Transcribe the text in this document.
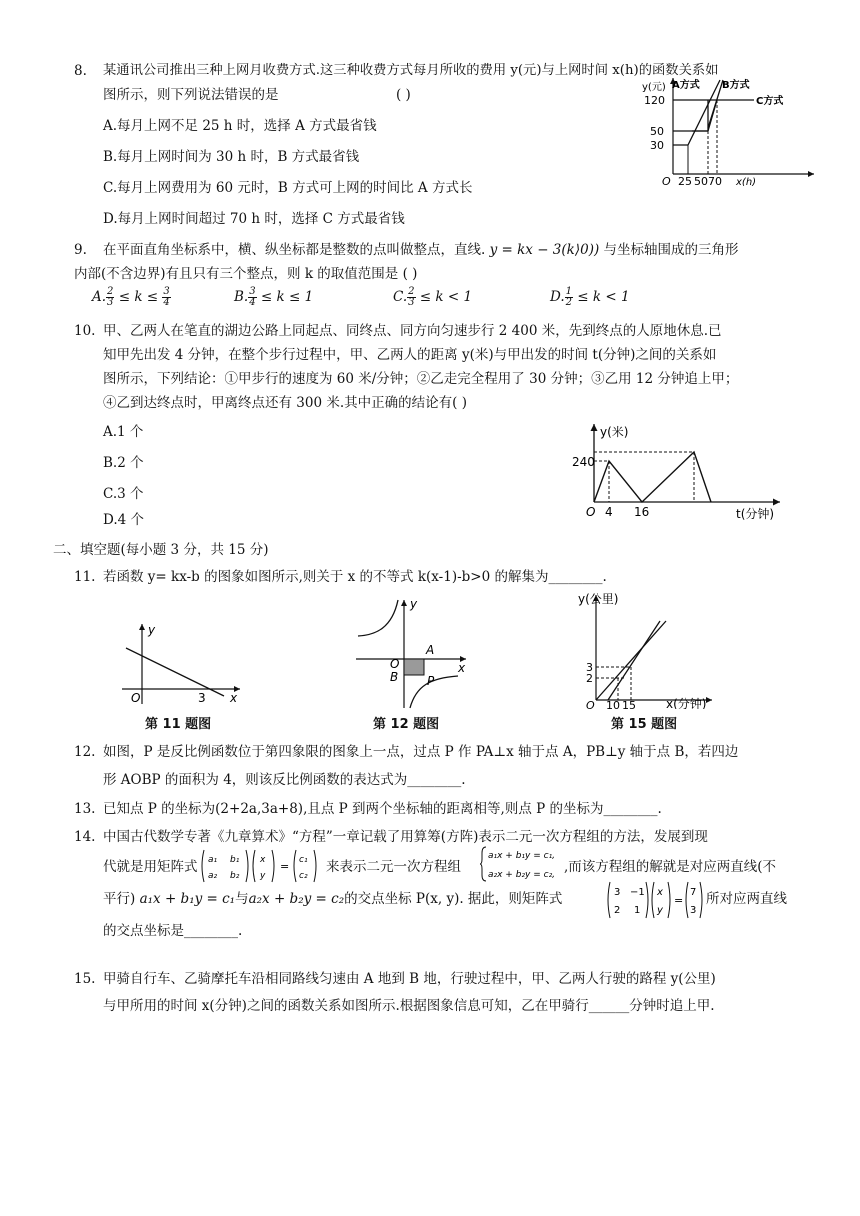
8. 某通讯公司推出三种上网月收费方式.这三种收费方式每月所收的费用 y(元)与上网时间 x(h)的函数关系如
图所示，则下列说法错误的是	( )
A.每月上网不足 25 h 时，选择 A 方式最省钱
B.每月上网时间为 30 h 时，B 方式最省钱
C.每月上网费用为 60 元时，B 方式可上网的时间比 A 方式长
D.每月上网时间超过 70 h 时，选择 C 方式最省钱
y(元)
120
50
30
O 25 50 70 x(h)
A方式 B方式
C方式
9. 在平面直角坐标系中，横、纵坐标都是整数的点叫做整点，直线. y = kx − 3(k⟩0)) 与坐标轴围成的三角形
内部(不含边界)有且只有三个整点，则 k 的取值范围是 ( )
A. $\frac{2}{3} \le k \le \frac{3}{4}$	B. $\frac{3}{4} \le k \le 1$	C. $\frac{2}{3} \le k < 1$	D. $\frac{1}{2} \le k < 1$
10. 甲、乙两人在笔直的湖边公路上同起点、同终点、同方向匀速步行 2 400 米，先到终点的人原地休息.已
知甲先出发 4 分钟，在整个步行过程中，甲、乙两人的距离 y(米)与甲出发的时间 t(分钟)之间的关系如
图所示，下列结论：①甲步行的速度为 60 米/分钟；②乙走完全程用了 30 分钟；③乙用 12 分钟追上甲；
④乙到达终点时，甲离终点还有 300 米.其中正确的结论有( )
A.1 个
B.2 个
C.3 个
D.4 个
y(米)
240
O 4 16	t(分钟)
二、填空题(每小题 3 分，共 15 分)
11. 若函数 y= kx-b 的图象如图所示,则关于 x 的不等式 k(x-1)-b>0 的解集为________.
y
x
O	3
第 11 题图
y
x
O
A
B P
第 12 题图
y(公里)
3
2
O 10 15	x(分钟)
第 15 题图
12. 如图，P 是反比例函数位于第四象限的图象上一点，过点 P 作 PA⊥x 轴于点 A，PB⊥y 轴于点 B，若四边
形 AOBP 的面积为 4，则该反比例函数的表达式为________.
13. 已知点 P 的坐标为(2+2a,3a+8),且点 P 到两个坐标轴的距离相等,则点 P 的坐标为________.
14. 中国古代数学专著《九章算术》“方程”一章记载了用算筹(方阵)表示二元一次方程组的方法，发展到现
代就是用矩阵式 a₁ b₁
a₂ b₂
x
y
= c₁
c₂
来表示二元一次方程组
a₁x + b₁y = c₁,
a₂x + b₂y = c₂, ,而该方程组的解就是对应两直线(不
平行) a₁x + b₁y = c₁与a₂x + b₂y = c₂的交点坐标 P(x, y). 据此，则矩阵式	3 −1
2 1
x
y
=
7
3
所对应两直线
的交点坐标是________.
15. 甲骑自行车、乙骑摩托车沿相同路线匀速由 A 地到 B 地，行驶过程中，甲、乙两人行驶的路程 y(公里)
与甲所用的时间 x(分钟)之间的函数关系如图所示.根据图象信息可知，乙在甲骑行______分钟时追上甲.
